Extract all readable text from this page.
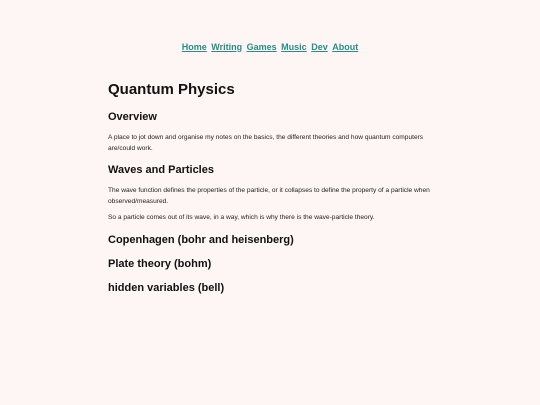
Home Writing Games Music Dev About
Quantum Physics
Overview

A place to jot down and organise my notes on the basics, the different theories and how quantum computers are/could work.

Waves and Particles

The wave function defines the properties of the particle, or it collapses to define the property of a particle when observed/measured.

So a particle comes out of its wave, in a way, which is why there is the wave-particle theory.

Copenhagen (bohr and heisenberg)
Plate theory (bohm)
hidden variables (bell)
